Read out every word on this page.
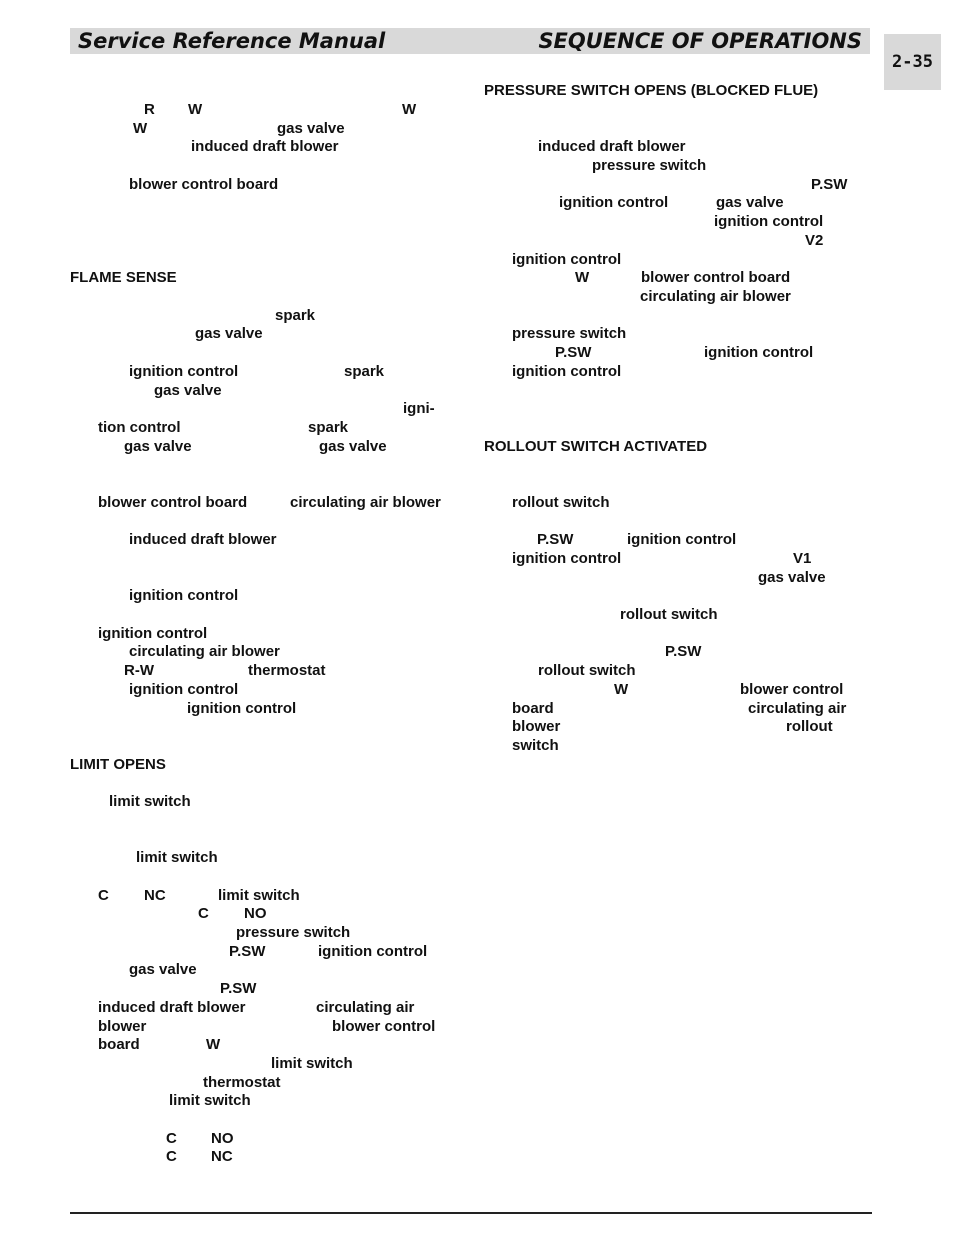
Service Reference Manual	SEQUENCE OF OPERATIONS
2-35
R W	W
W	gas valve
induced draft blower
blower control board
FLAME SENSE
spark
gas valve
ignition control	spark
gas valve
igni-
tion control	spark
gas valve	gas valve
blower control board	circulating air blower
induced draft blower
ignition control
ignition control
circulating air blower
R-W	thermostat
ignition control
ignition control
LIMIT OPENS
limit switch
limit switch
C NC	limit switch
C NO
pressure switch
P.SW	ignition control
gas valve
P.SW
induced draft blower	circulating air
blower	blower control
board	W
limit switch
thermostat
limit switch
C NO
C NC
PRESSURE SWITCH OPENS (BLOCKED FLUE)
induced draft blower
pressure switch
P.SW
ignition control	gas valve
ignition control
V2
ignition control
W	blower control board
circulating air blower
pressure switch
P.SW	ignition control
ignition control
ROLLOUT SWITCH ACTIVATED
rollout switch
P.SW	ignition control
ignition control	V1
gas valve
rollout switch
P.SW
rollout switch
W	blower control
board	circulating air
blower	rollout
switch
